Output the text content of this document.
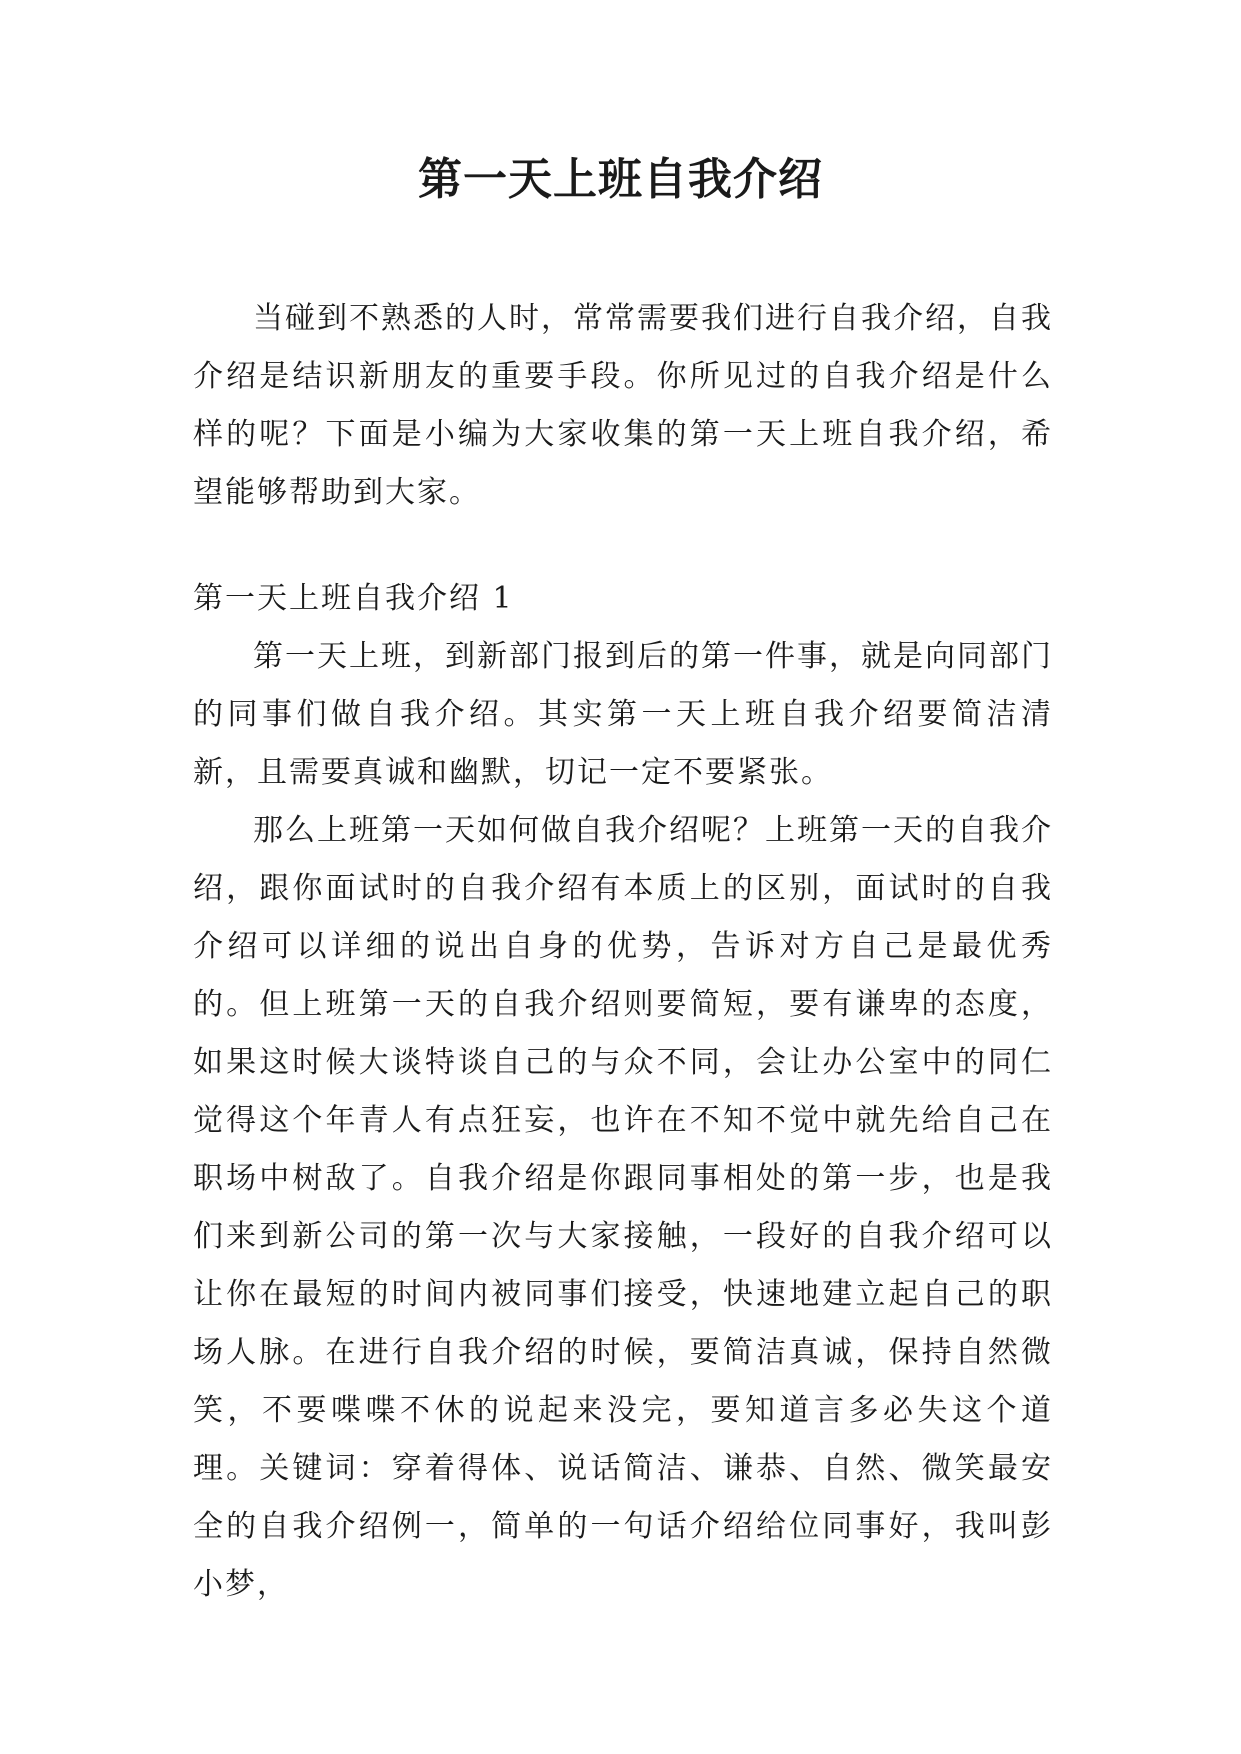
第一天上班自我介绍

当碰到不熟悉的人时，常常需要我们进行自我介绍，自我介绍是结识新朋友的重要手段。你所见过的自我介绍是什么样的呢？下面是小编为大家收集的第一天上班自我介绍，希望能够帮助到大家。

第一天上班自我介绍 1

第一天上班，到新部门报到后的第一件事，就是向同部门的同事们做自我介绍。其实第一天上班自我介绍要简洁清新，且需要真诚和幽默，切记一定不要紧张。

那么上班第一天如何做自我介绍呢？上班第一天的自我介绍，跟你面试时的自我介绍有本质上的区别，面试时的自我介绍可以详细的说出自身的优势，告诉对方自己是最优秀的。但上班第一天的自我介绍则要简短，要有谦卑的态度，如果这时候大谈特谈自己的与众不同，会让办公室中的同仁觉得这个年青人有点狂妄，也许在不知不觉中就先给自己在职场中树敌了。自我介绍是你跟同事相处的第一步，也是我们来到新公司的第一次与大家接触，一段好的自我介绍可以让你在最短的时间内被同事们接受，快速地建立起自己的职场人脉。在进行自我介绍的时候，要简洁真诚，保持自然微笑，不要喋喋不休的说起来没完，要知道言多必失这个道理。关键词：穿着得体、说话简洁、谦恭、自然、微笑最安全的自我介绍例一，简单的一句话介绍给位同事好，我叫彭小梦，
